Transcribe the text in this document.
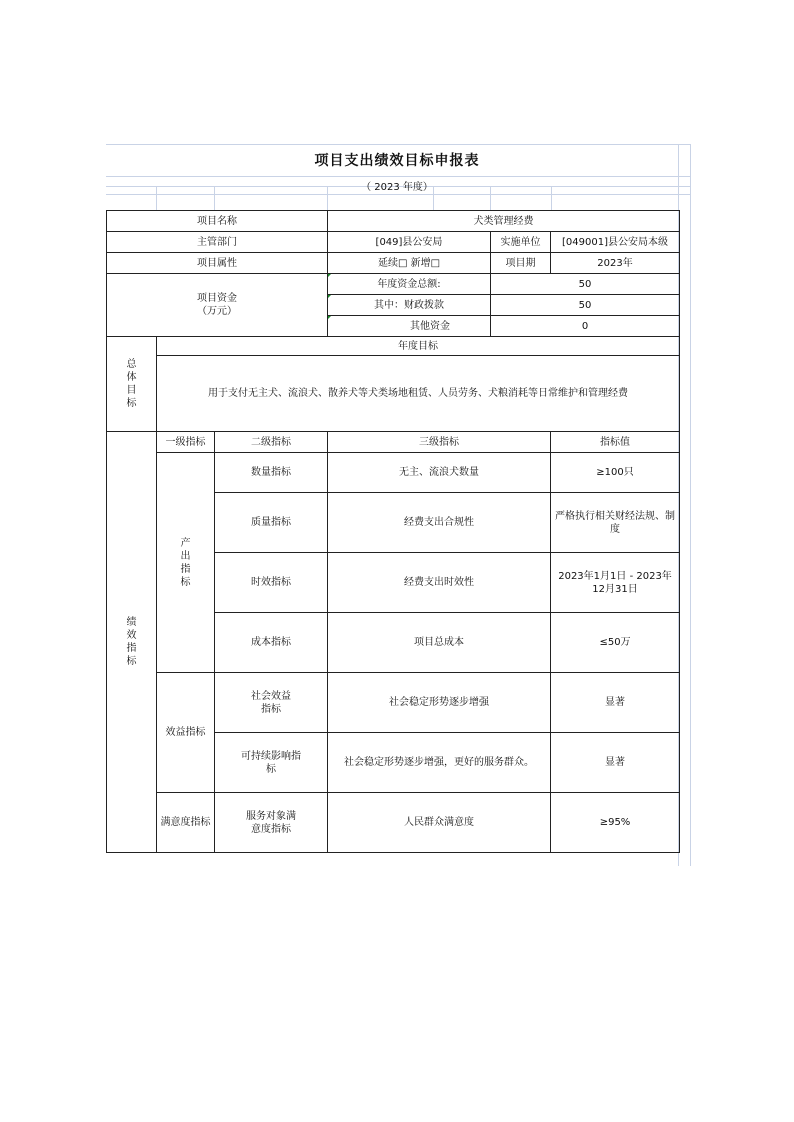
项目支出绩效目标申报表
（ 2023 年度）
项目名称			犬类管理经费		
主管部门			[049]县公安局	实施单位	[049001]县公安局本级
项目属性			延续□ 新增□	项目期	2023年

项目资金
（万元）			年度资金总额:	50	
			其中：财政拨款	50	
			其他资金	0	

总体目标	年度目标				
	用于支付无主犬、流浪犬、散养犬等犬类场地租赁、人员劳务、犬粮消耗等日常维护和管理经费				

绩效指标	一级指标	二级指标	三级指标		指标值

	产出指标	数量指标	无主、流浪犬数量		≥100只
		质量指标	经费支出合规性		严格执行相关财经法规、制度
		时效指标	经费支出时效性		2023年1月1日 - 2023年12月31日
		成本指标	项目总成本		≤50万
	效益指标	社会效益指标	社会稳定形势逐步增强		显著

		可持续影响指标	社会稳定形势逐步增强，更好的服务群众。		显著
	满意度指标	服务对象满意度指标	人民群众满意度		≥95%
